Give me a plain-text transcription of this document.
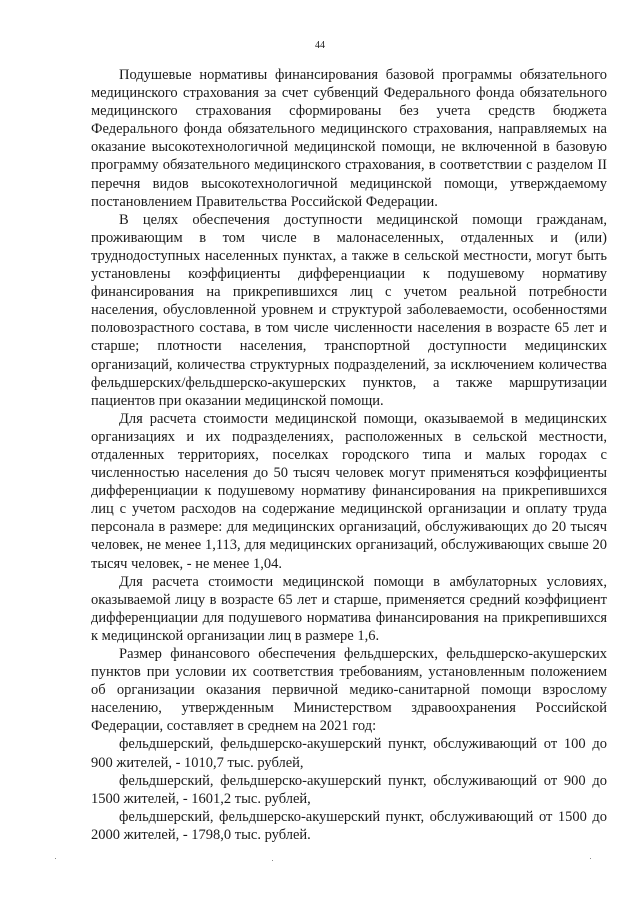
44

Подушевые нормативы финансирования базовой программы обязательного медицинского страхования за счет субвенций Федерального фонда обязательного медицинского страхования сформированы без учета средств бюджета Федерального фонда обязательного медицинского страхования, направляемых на оказание высокотехнологичной медицинской помощи, не включенной в базовую программу обязательного медицинского страхования, в соответствии с разделом II перечня видов высокотехнологичной медицинской помощи, утверждаемому постановлением Правительства Российской Федерации.

В целях обеспечения доступности медицинской помощи гражданам, проживающим в том числе в малонаселенных, отдаленных и (или) труднодоступных населенных пунктах, а также в сельской местности, могут быть установлены коэффициенты дифференциации к подушевому нормативу финансирования на прикрепившихся лиц с учетом реальной потребности населения, обусловленной уровнем и структурой заболеваемости, особенностями половозрастного состава, в том числе численности населения в возрасте 65 лет и старше; плотности населения, транспортной доступности медицинских организаций, количества структурных подразделений, за исключением количества фельдшерских/фельдшерско-акушерских пунктов, а также маршрутизации пациентов при оказании медицинской помощи.

Для расчета стоимости медицинской помощи, оказываемой в медицинских организациях и их подразделениях, расположенных в сельской местности, отдаленных территориях, поселках городского типа и малых городах с численностью населения до 50 тысяч человек могут применяться коэффициенты дифференциации к подушевому нормативу финансирования на прикрепившихся лиц с учетом расходов на содержание медицинской организации и оплату труда персонала в размере: для медицинских организаций, обслуживающих до 20 тысяч человек, не менее 1,113, для медицинских организаций, обслуживающих свыше 20 тысяч человек, - не менее 1,04.

Для расчета стоимости медицинской помощи в амбулаторных условиях, оказываемой лицу в возрасте 65 лет и старше, применяется средний коэффициент дифференциации для подушевого норматива финансирования на прикрепившихся к медицинской организации лиц в размере 1,6.

Размер финансового обеспечения фельдшерских, фельдшерско-акушерских пунктов при условии их соответствия требованиям, установленным положением об организации оказания первичной медико-санитарной помощи взрослому населению, утвержденным Министерством здравоохранения Российской Федерации, составляет в среднем на 2021 год:

фельдшерский, фельдшерско-акушерский пункт, обслуживающий от 100 до 900 жителей, - 1010,7 тыс. рублей,

фельдшерский, фельдшерско-акушерский пункт, обслуживающий от 900 до 1500 жителей, - 1601,2 тыс. рублей,

фельдшерский, фельдшерско-акушерский пункт, обслуживающий от 1500 до 2000 жителей, - 1798,0 тыс. рублей.
